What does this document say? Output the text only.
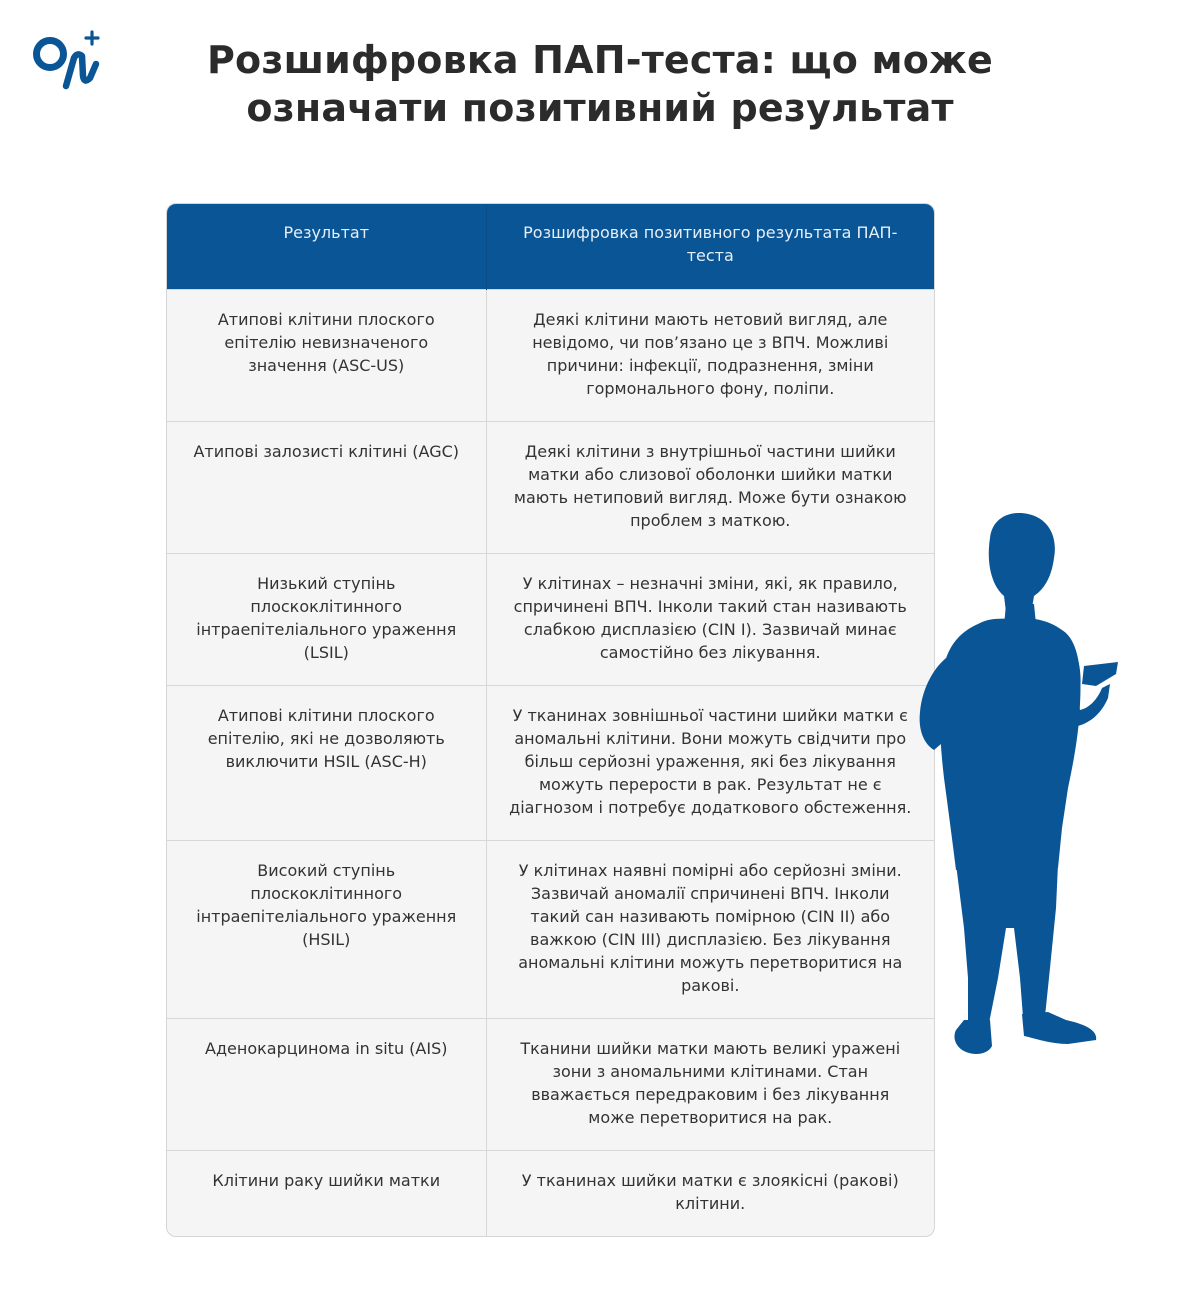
Розшифровка ПАП-теста: що може
означати позитивний результат
Результат	Розшифровка позитивного результата ПАП-теста
Атипові клітини плоского епітелію невизначеного значення (ASC-US)	Деякі клітини мають нетовий вигляд, але невідомо, чи пов’язано це з ВПЧ. Можливі причини: інфекції, подразнення, зміни гормонального фону, поліпи.
Атипові залозисті клітині (AGC)	Деякі клітини з внутрішньої частини шийки матки або слизової оболонки шийки матки мають нетиповий вигляд. Може бути ознакою проблем з маткою.
Низький ступінь плоскоклітинного інтраепітеліального ураження (LSIL)	У клітинах – незначні зміни, які, як правило, спричинені ВПЧ. Інколи такий стан називають слабкою дисплазією (CIN I). Зазвичай минає самостійно без лікування.
Атипові клітини плоского епітелію, які не дозволяють виключити HSIL (ASC-H)	У тканинах зовнішньої частини шийки матки є аномальні клітини. Вони можуть свідчити про більш серйозні ураження, які без лікування можуть перерости в рак. Результат не є діагнозом і потребує додаткового обстеження.
Високий ступінь плоскоклітинного інтраепітеліального ураження (HSIL)	У клітинах наявні помірні або серйозні зміни. Зазвичай аномалії спричинені ВПЧ. Інколи такий сан називають помірною (CIN II) або важкою (CIN III) дисплазією. Без лікування аномальні клітини можуть перетворитися на ракові.
Аденокарцинома in situ (AIS)	Тканини шийки матки мають великі уражені зони з аномальними клітинами. Стан вважається передраковим і без лікування може перетворитися на рак.
Клітини раку шийки матки	У тканинах шийки матки є злоякісні (ракові) клітини.
